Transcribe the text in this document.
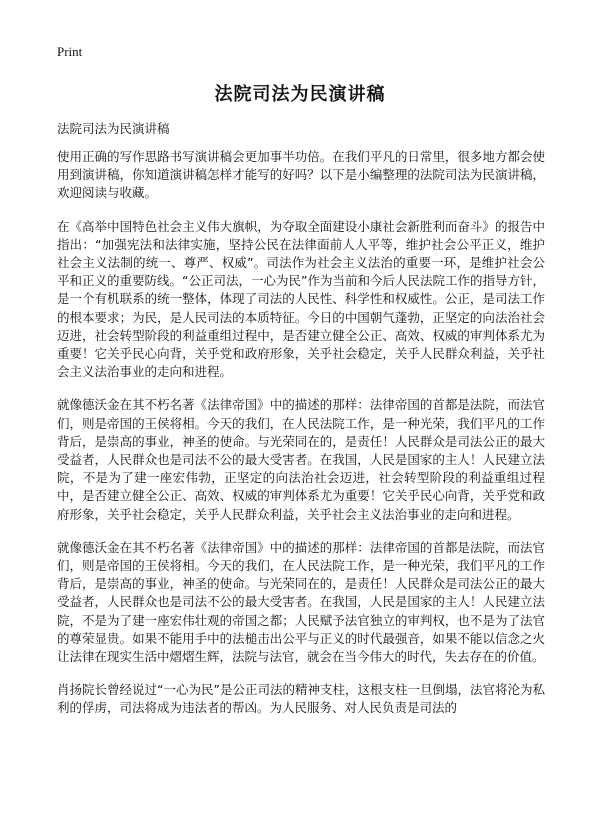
Print
法院司法为民演讲稿

法院司法为民演讲稿

使用正确的写作思路书写演讲稿会更加事半功倍。在我们平凡的日常里，很多地方都会使用到演讲稿，你知道演讲稿怎样才能写的好吗？以下是小编整理的法院司法为民演讲稿，欢迎阅读与收藏。

在《高举中国特色社会主义伟大旗帜，为夺取全面建设小康社会新胜利而奋斗》的报告中指出：“加强宪法和法律实施，坚持公民在法律面前人人平等，维护社会公平正义，维护社会主义法制的统一、尊严、权威”。司法作为社会主义法治的重要一环，是维护社会公平和正义的重要防线。“公正司法，一心为民”作为当前和今后人民法院工作的指导方针，是一个有机联系的统一整体，体现了司法的人民性、科学性和权威性。公正，是司法工作的根本要求；为民，是人民司法的本质特征。今日的中国朝气蓬勃，正坚定的向法治社会迈进，社会转型阶段的利益重组过程中，是否建立健全公正、高效、权威的审判体系尤为重要！它关乎民心向背，关乎党和政府形象，关乎社会稳定，关乎人民群众利益，关乎社会主义法治事业的走向和进程。

就像德沃金在其不朽名著《法律帝国》中的描述的那样：法律帝国的首都是法院，而法官们，则是帝国的王侯将相。今天的我们，在人民法院工作，是一种光荣，我们平凡的工作背后，是崇高的事业，神圣的使命。与光荣同在的，是责任！人民群众是司法公正的最大受益者，人民群众也是司法不公的最大受害者。在我国，人民是国家的主人！人民建立法院，不是为了建一座宏伟勃，正坚定的向法治社会迈进，社会转型阶段的利益重组过程中，是否建立健全公正、高效、权威的审判体系尤为重要！它关乎民心向背，关乎党和政府形象，关乎社会稳定，关乎人民群众利益，关乎社会主义法治事业的走向和进程。

就像德沃金在其不朽名著《法律帝国》中的描述的那样：法律帝国的首都是法院，而法官们，则是帝国的王侯将相。今天的我们，在人民法院工作，是一种光荣，我们平凡的工作背后，是崇高的事业，神圣的使命。与光荣同在的，是责任！人民群众是司法公正的最大受益者，人民群众也是司法不公的最大受害者。在我国，人民是国家的主人！人民建立法院，不是为了建一座宏伟壮观的帝国之都；人民赋予法官独立的审判权，也不是为了法官的尊荣显贵。如果不能用手中的法槌击出公平与正义的时代最强音，如果不能以信念之火让法律在现实生活中熠熠生辉，法院与法官，就会在当今伟大的时代，失去存在的价值。

肖扬院长曾经说过“一心为民”是公正司法的精神支柱，这根支柱一旦倒塌，法官将沦为私利的俘虏，司法将成为违法者的帮凶。为人民服务、对人民负责是司法的
